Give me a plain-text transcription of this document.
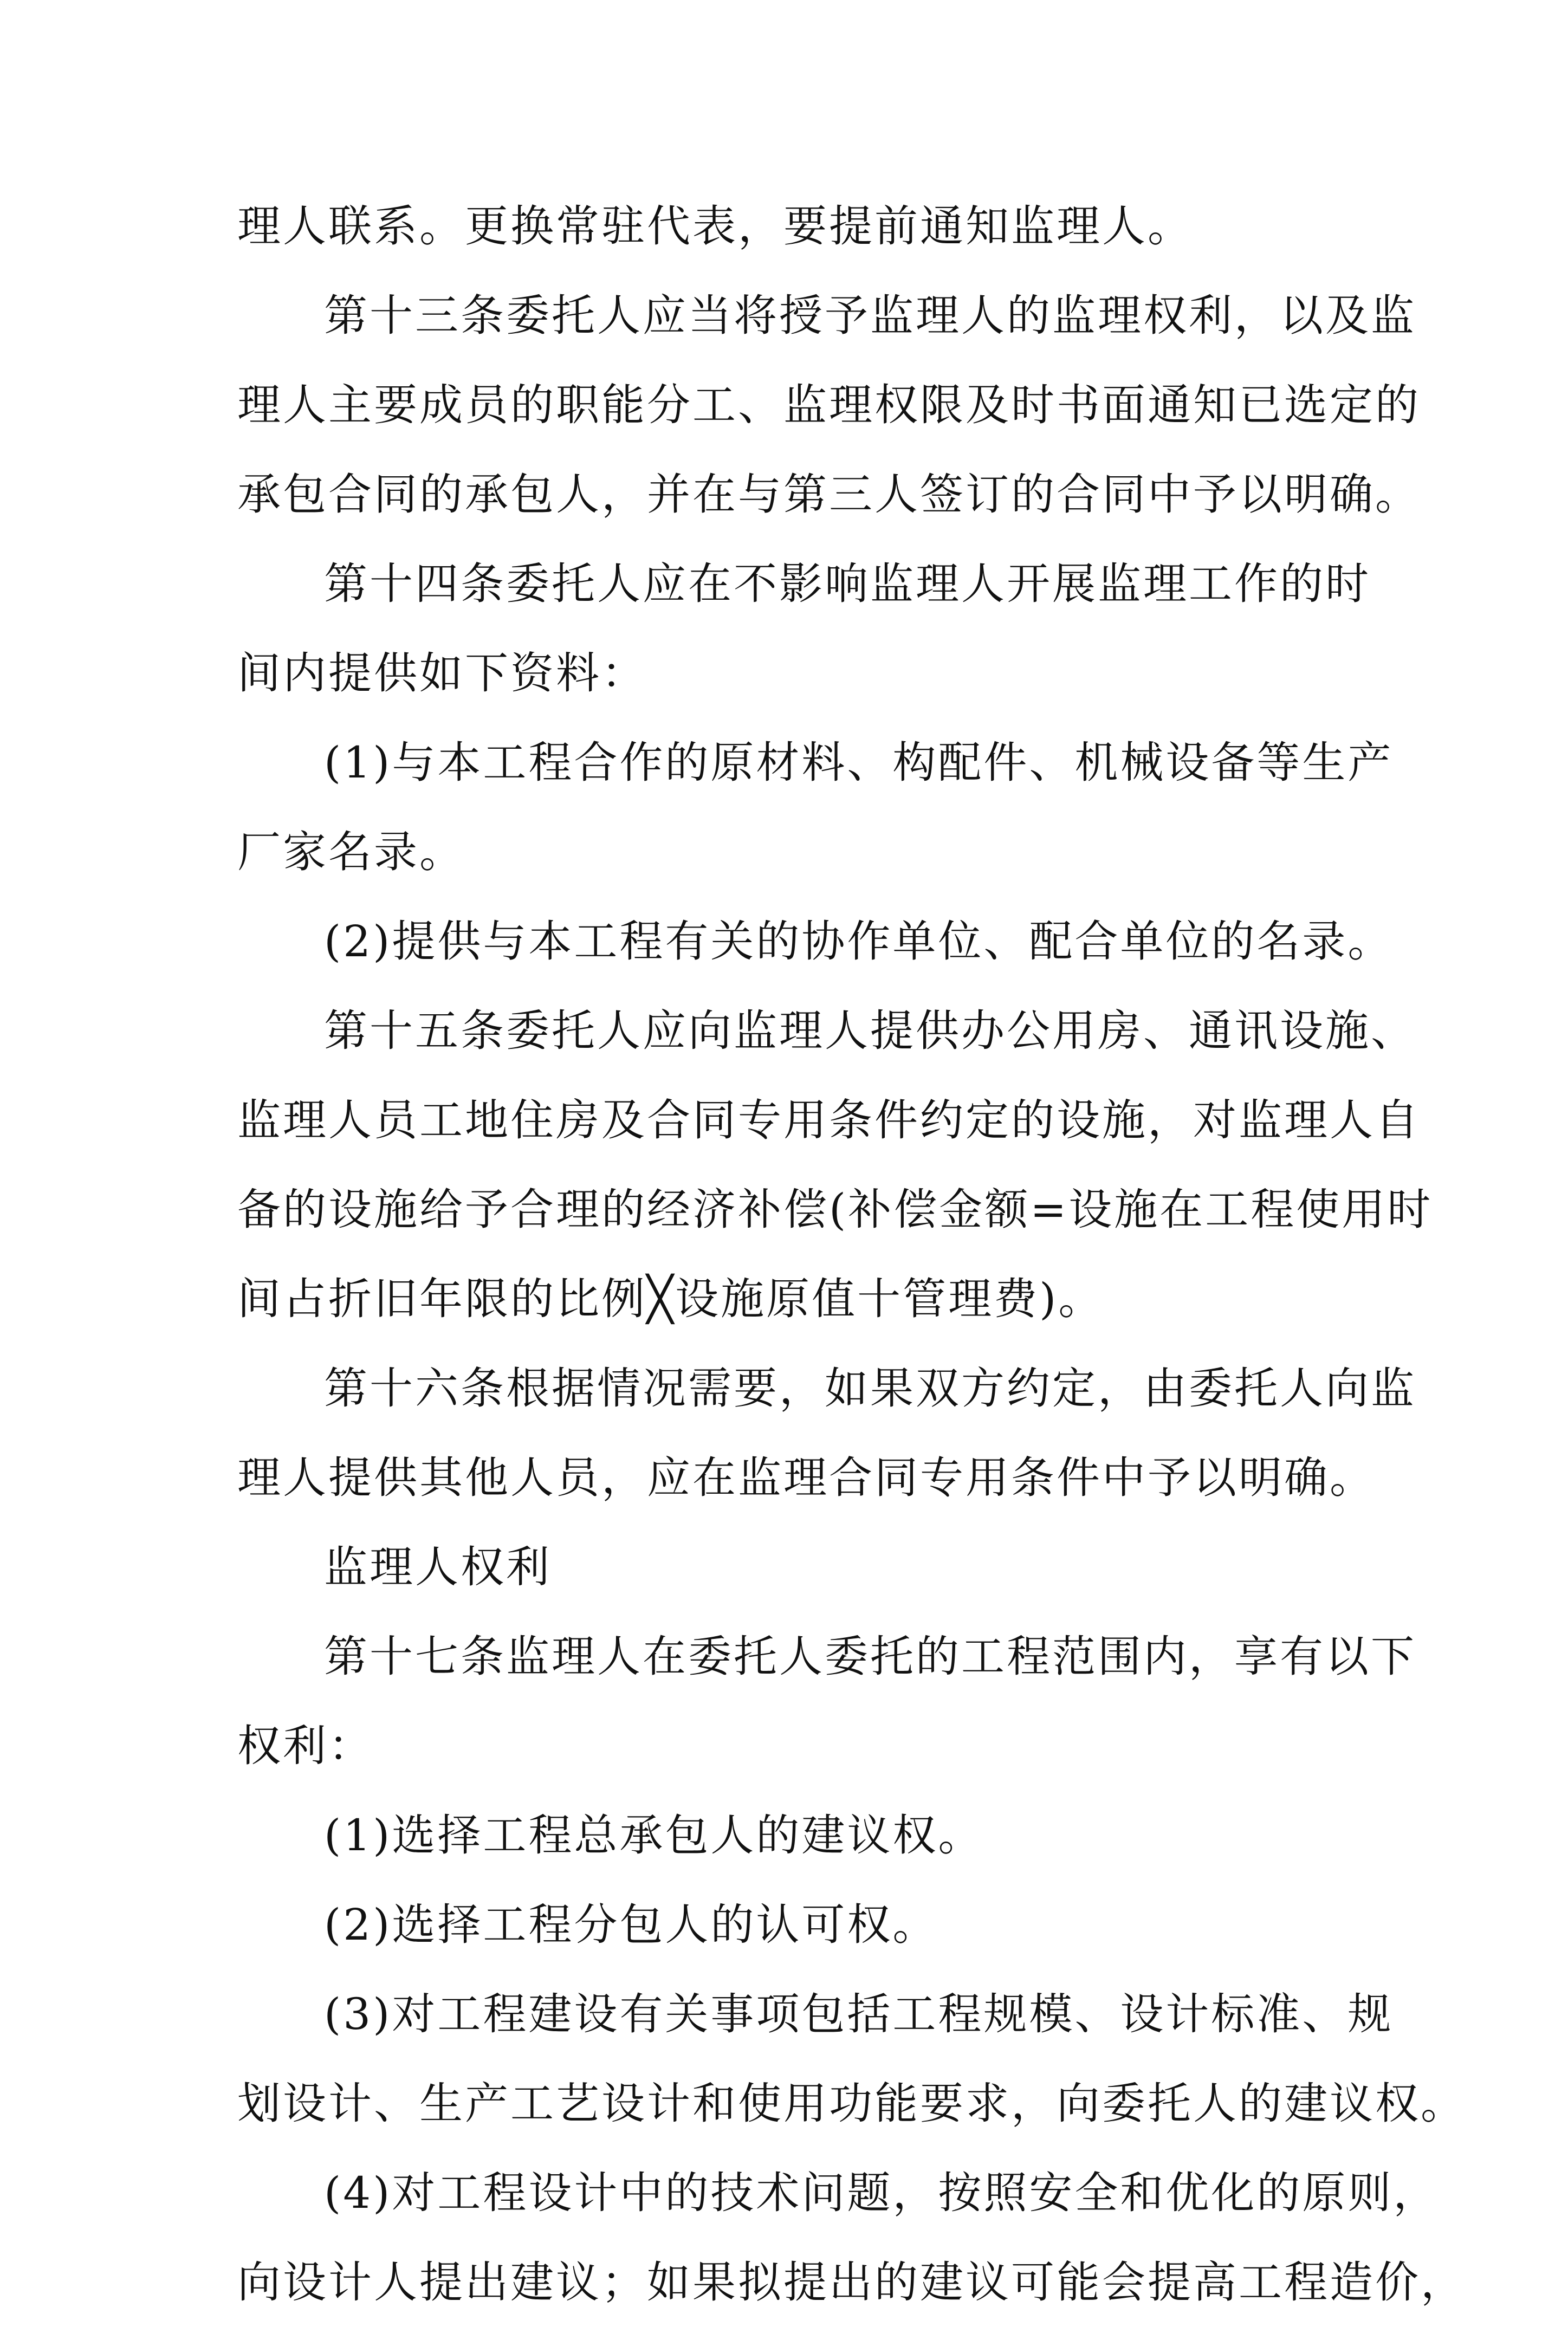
理人联系。更换常驻代表，要提前通知监理人。
第十三条委托人应当将授予监理人的监理权利，以及监
理人主要成员的职能分工、监理权限及时书面通知已选定的
承包合同的承包人，并在与第三人签订的合同中予以明确。
第十四条委托人应在不影响监理人开展监理工作的时
间内提供如下资料：
(1)与本工程合作的原材料、构配件、机械设备等生产
厂家名录。
(2)提供与本工程有关的协作单位、配合单位的名录。
第十五条委托人应向监理人提供办公用房、通讯设施、
监理人员工地住房及合同专用条件约定的设施，对监理人自
备的设施给予合理的经济补偿(补偿金额=设施在工程使用时
间占折旧年限的比例╳设施原值十管理费)。
第十六条根据情况需要，如果双方约定，由委托人向监
理人提供其他人员，应在监理合同专用条件中予以明确。
监理人权利
第十七条监理人在委托人委托的工程范围内，享有以下
权利：
(1)选择工程总承包人的建议权。
(2)选择工程分包人的认可权。
(3)对工程建设有关事项包括工程规模、设计标准、规
划设计、生产工艺设计和使用功能要求，向委托人的建议权。
(4)对工程设计中的技术问题，按照安全和优化的原则，
向设计人提出建议；如果拟提出的建议可能会提高工程造价，
